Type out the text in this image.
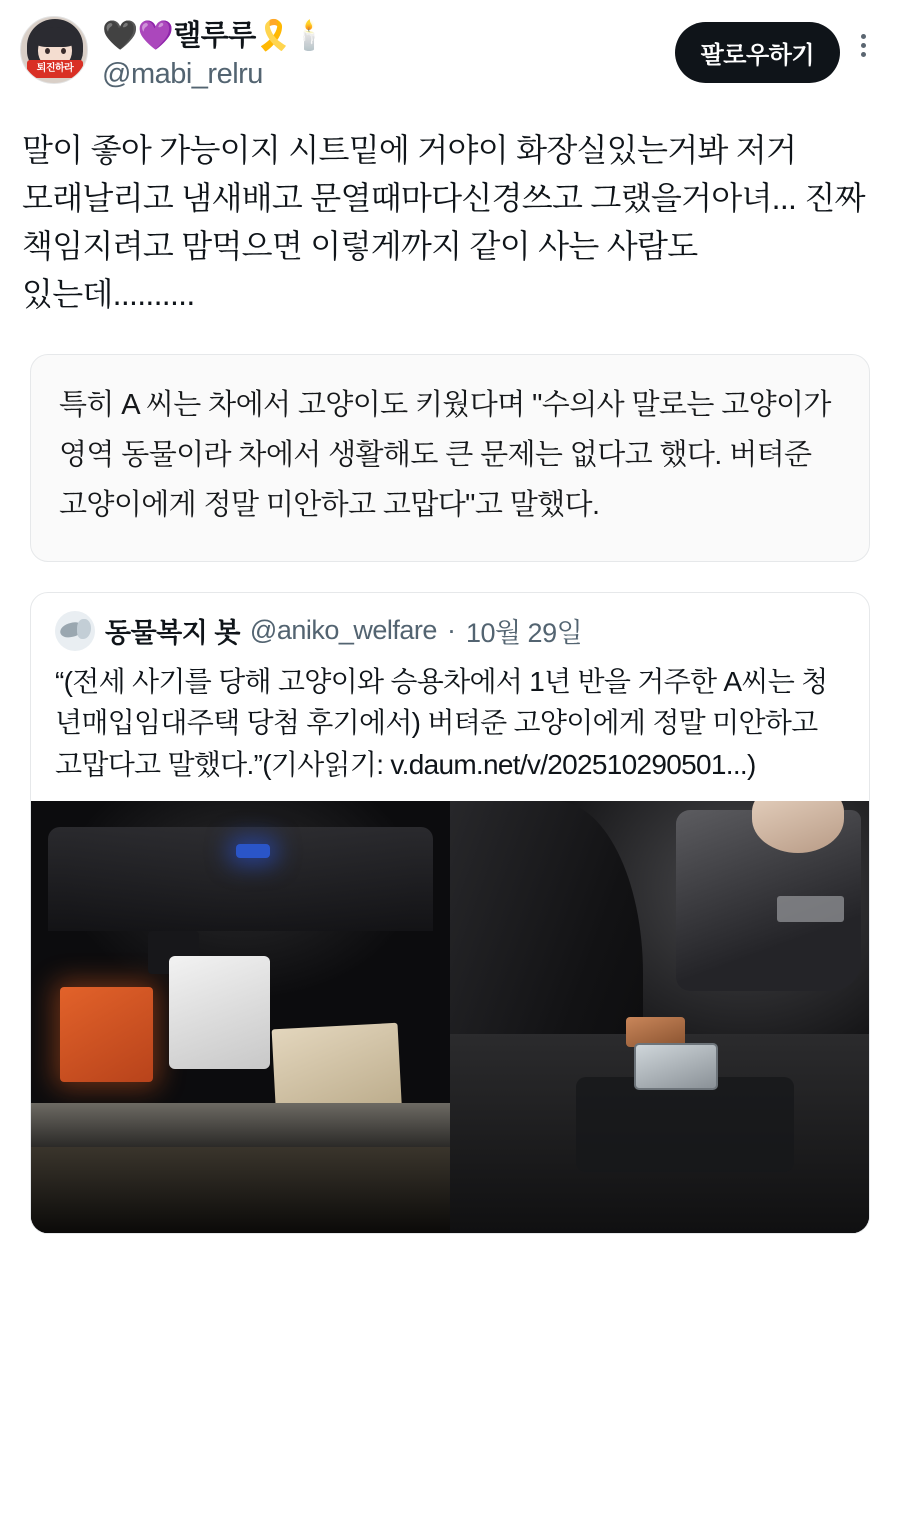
퇴진하라
🖤💜랠루루🎗️🕯️
@mabi_relru
팔로우하기
말이 좋아 가능이지 시트밑에 거야이 화장실있는거봐 저거 모래날리고 냄새배고 문열때마다신경쓰고 그랬을거아녀... 진짜 책임지려고 맘먹으면 이렇게까지 같이 사는 사람도 있는데..........
특히 A 씨는 차에서 고양이도 키웠다며 "수의사 말로는 고양이가 영역 동물이라 차에서 생활해도 큰 문제는 없다고 했다. 버텨준 고양이에게 정말 미안하고 고맙다"고 말했다.
동물복지 봇 @aniko_welfare · 10월 29일
“(전세 사기를 당해 고양이와 승용차에서 1년 반을 거주한 A씨는 청년매입임대주택 당첨 후기에서) 버텨준 고양이에게 정말 미안하고 고맙다고 말했다.”(기사읽기: v.daum.net/v/202510290501...)
